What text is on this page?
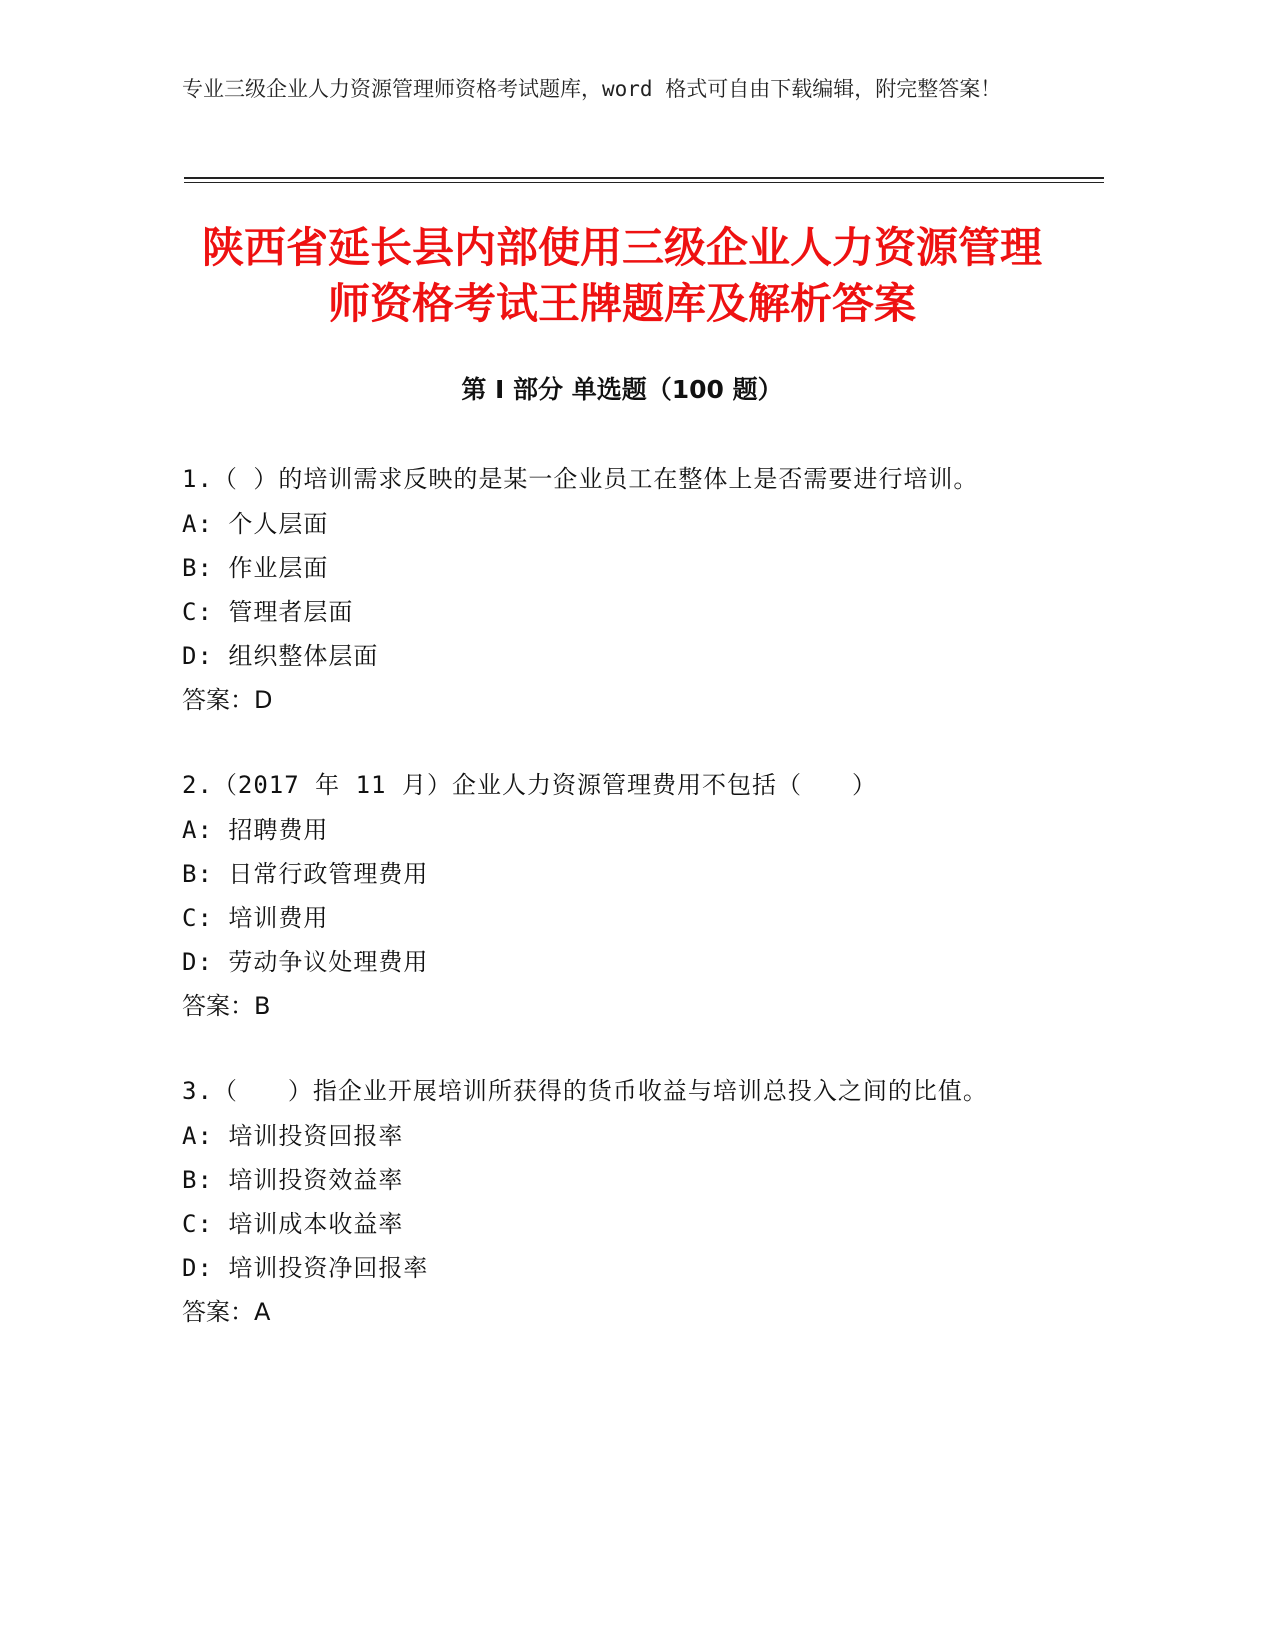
专业三级企业人力资源管理师资格考试题库，word 格式可自由下载编辑，附完整答案！
陕西省延长县内部使用三级企业人力资源管理师资格考试王牌题库及解析答案
第 I 部分 单选题（100 题）

1.（ ）的培训需求反映的是某一企业员工在整体上是否需要进行培训。

A: 个人层面

B: 作业层面

C: 管理者层面

D: 组织整体层面

答案：D

2.（2017 年 11 月）企业人力资源管理费用不包括（　　）

A: 招聘费用

B: 日常行政管理费用

C: 培训费用

D: 劳动争议处理费用

答案：B

3.（　　）指企业开展培训所获得的货币收益与培训总投入之间的比值。

A: 培训投资回报率

B: 培训投资效益率

C: 培训成本收益率

D: 培训投资净回报率

答案：A
